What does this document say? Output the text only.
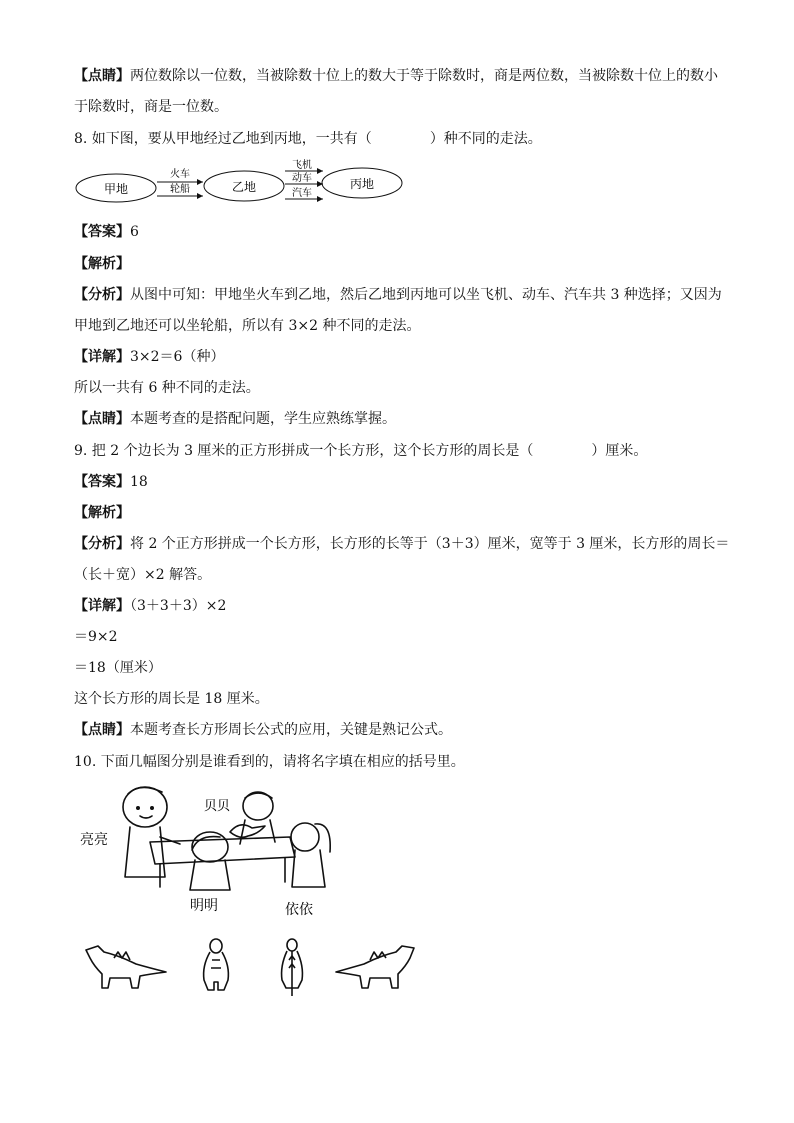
【点睛】两位数除以一位数，当被除数十位上的数大于等于除数时，商是两位数，当被除数十位上的数小
于除数时，商是一位数。
8. 如下图，要从甲地经过乙地到丙地，一共有（	）种不同的走法。
甲地
火车
轮船	乙地
飞机
动车
汽车
丙地
【答案】6
【解析】
【分析】从图中可知：甲地坐火车到乙地，然后乙地到丙地可以坐飞机、动车、汽车共 3 种选择；又因为
甲地到乙地还可以坐轮船，所以有 3×2 种不同的走法。
【详解】3×2＝6（种）
所以一共有 6 种不同的走法。
【点睛】本题考查的是搭配问题，学生应熟练掌握。
9. 把 2 个边长为 3 厘米的正方形拼成一个长方形，这个长方形的周长是（	）厘米。
【答案】18
【解析】
【分析】将 2 个正方形拼成一个长方形，长方形的长等于（3＋3）厘米，宽等于 3 厘米，长方形的周长＝
（长＋宽）×2 解答。
【详解】（3＋3＋3）×2
＝9×2
＝18（厘米）
这个长方形的周长是 18 厘米。
【点睛】本题考查长方形周长公式的应用，关键是熟记公式。
10. 下面几幅图分别是谁看到的，请将名字填在相应的括号里。
亮亮
贝贝
明明	依依
